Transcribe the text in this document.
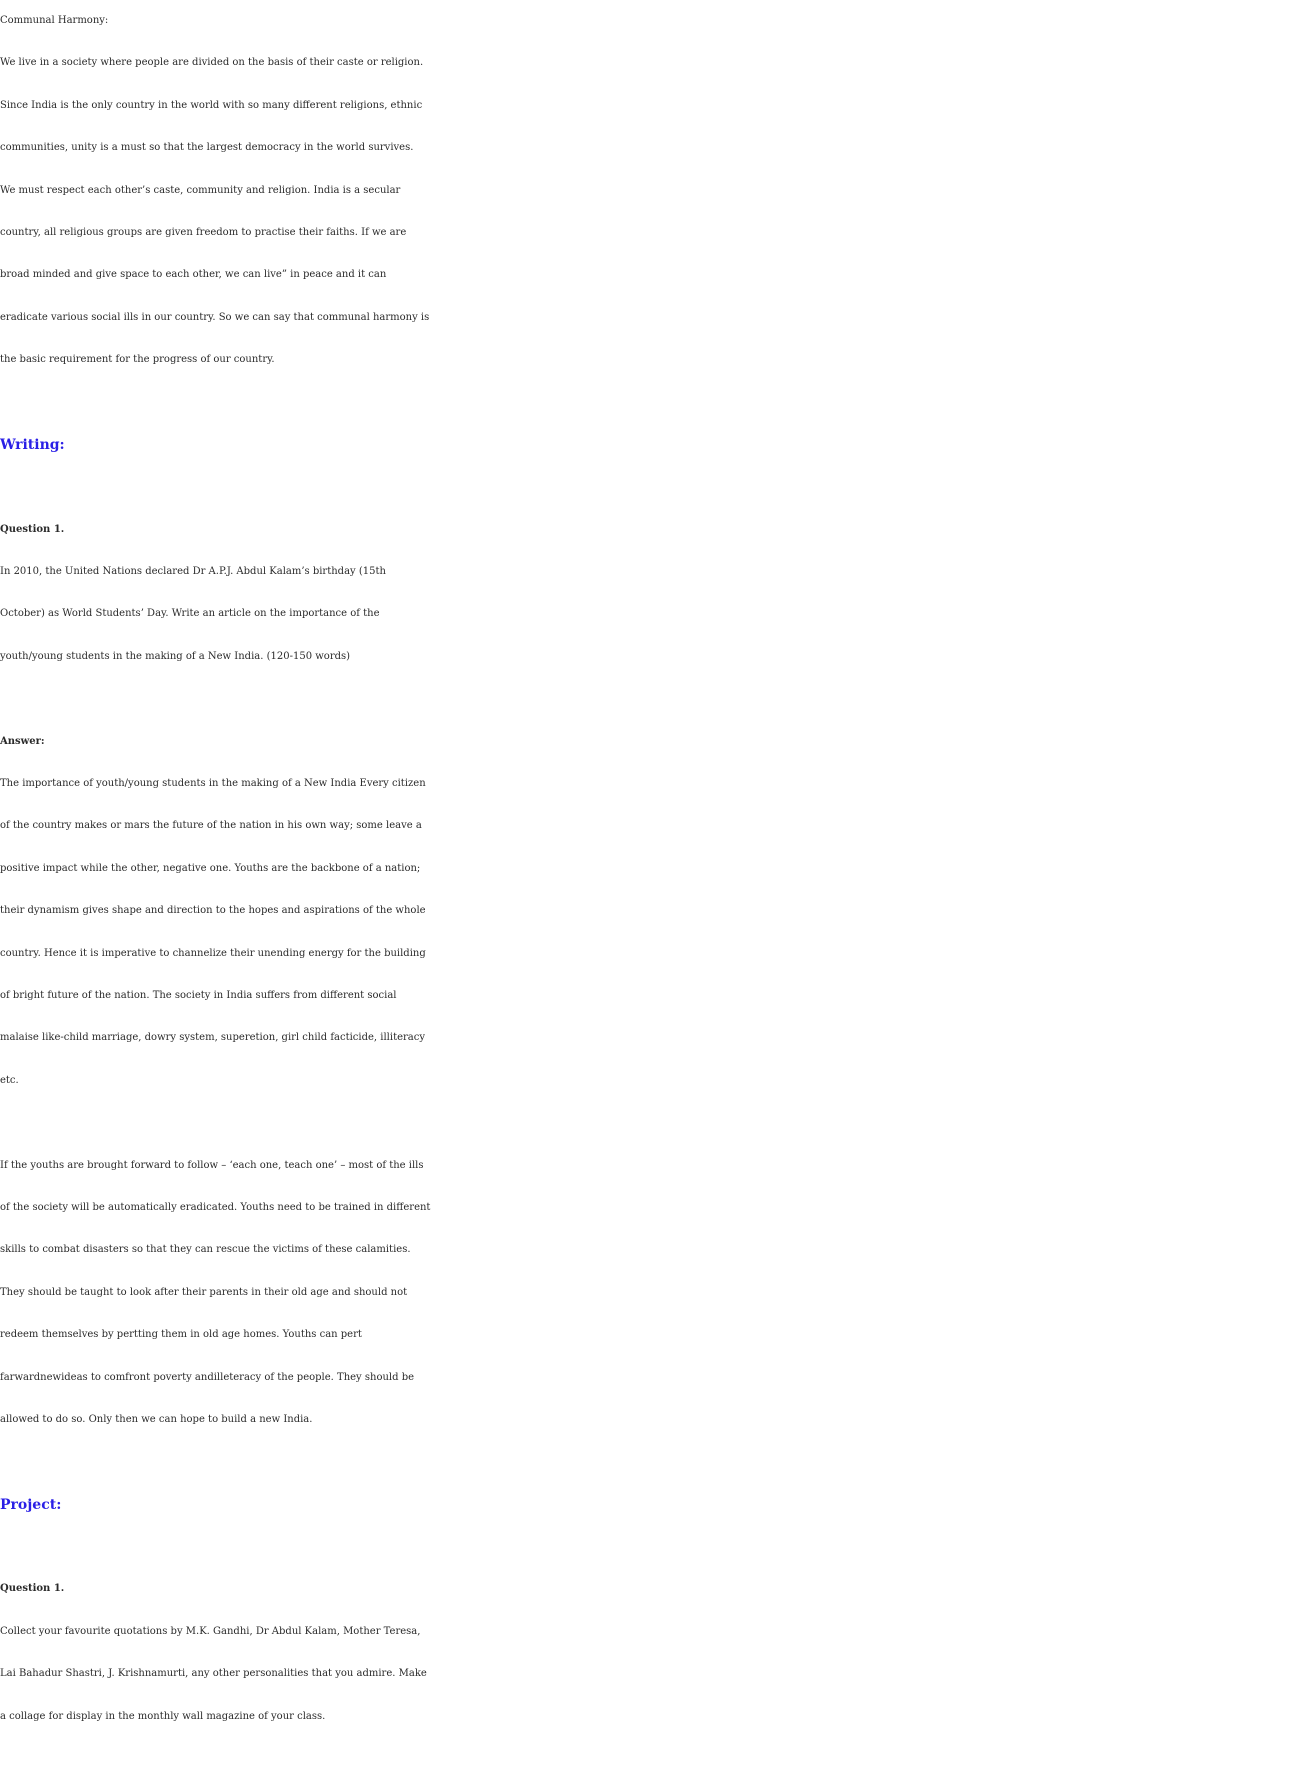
Communal Harmony:
We live in a society where people are divided on the basis of their caste or religion.
Since India is the only country in the world with so many different religions, ethnic
communities, unity is a must so that the largest democracy in the world survives.
We must respect each other’s caste, community and religion. India is a secular
country, all religious groups are given freedom to practise their faiths. If we are
broad minded and give space to each other, we can live” in peace and it can
eradicate various social ills in our country. So we can say that communal harmony is
the basic requirement for the progress of our country.
Writing:
Question 1.
In 2010, the United Nations declared Dr A.P.J. Abdul Kalam’s birthday (15th
October) as World Students’ Day. Write an article on the importance of the
youth/young students in the making of a New India. (120-150 words)
Answer:
The importance of youth/young students in the making of a New India Every citizen
of the country makes or mars the future of the nation in his own way; some leave a
positive impact while the other, negative one. Youths are the backbone of a nation;
their dynamism gives shape and direction to the hopes and aspirations of the whole
country. Hence it is imperative to channelize their unending energy for the building
of bright future of the nation. The society in India suffers from different social
malaise like-child marriage, dowry system, superetion, girl child facticide, illiteracy
etc.
If the youths are brought forward to follow – ‘each one, teach one’ – most of the ills
of the society will be automatically eradicated. Youths need to be trained in different
skills to combat disasters so that they can rescue the victims of these calamities.
They should be taught to look after their parents in their old age and should not
redeem themselves by pertting them in old age homes. Youths can pert
farwardnewideas to comfront poverty andilleteracy of the people. They should be
allowed to do so. Only then we can hope to build a new India.
Project:
Question 1.
Collect your favourite quotations by M.K. Gandhi, Dr Abdul Kalam, Mother Teresa,
Lai Bahadur Shastri, J. Krishnamurti, any other personalities that you admire. Make
a collage for display in the monthly wall magazine of your class.
